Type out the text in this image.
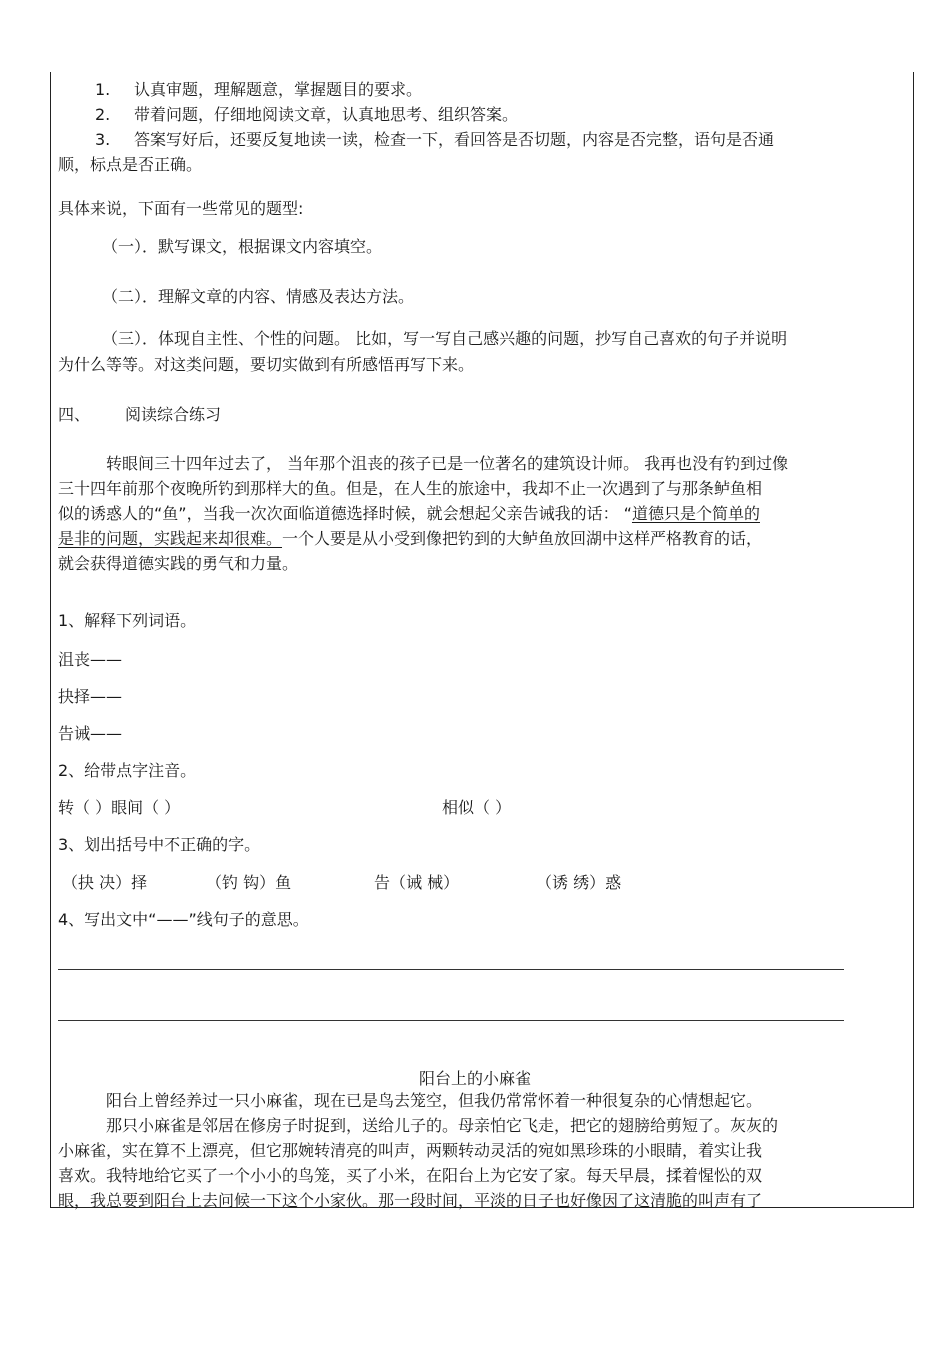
1. 认真审题，理解题意，掌握题目的要求。
2. 带着问题，仔细地阅读文章，认真地思考、组织答案。
3. 答案写好后，还要反复地读一读，检查一下，看回答是否切题，内容是否完整，语句是否通
顺，标点是否正确。
具体来说，下面有一些常见的题型:
（一）．默写课文，根据课文内容填空。
（二）．理解文章的内容、情感及表达方法。
（三）．体现自主性、个性的问题。 比如，写一写自己感兴趣的问题，抄写自己喜欢的句子并说明
为什么等等。对这类问题，要切实做到有所感悟再写下来。
四、 阅读综合练习
转眼间三十四年过去了， 当年那个沮丧的孩子已是一位著名的建筑设计师。 我再也没有钓到过像
三十四年前那个夜晚所钓到那样大的鱼。但是，在人生的旅途中，我却不止一次遇到了与那条鲈鱼相
似的诱惑人的“鱼”，当我一次次面临道德选择时候，就会想起父亲告诫我的话： “道德只是个简单的
是非的问题，实践起来却很难。一个人要是从小受到像把钓到的大鲈鱼放回湖中这样严格教育的话，
就会获得道德实践的勇气和力量。
1、解释下列词语。
沮丧——
抉择——
告诫——
2、给带点字注音。
转（ ）眼间（ ）	相似（ ）
3、划出括号中不正确的字。
（抉 决）择	（钓 钩）鱼	告（诫 械）	（诱 绣）惑
4、写出文中“——”线句子的意思。
阳台上的小麻雀
阳台上曾经养过一只小麻雀，现在已是鸟去笼空，但我仍常常怀着一种很复杂的心情想起它。
那只小麻雀是邻居在修房子时捉到，送给儿子的。母亲怕它飞走，把它的翅膀给剪短了。灰灰的
小麻雀，实在算不上漂亮，但它那婉转清亮的叫声，两颗转动灵活的宛如黑珍珠的小眼睛，着实让我
喜欢。我特地给它买了一个小小的鸟笼，买了小米，在阳台上为它安了家。每天早晨，揉着惺忪的双
眼，我总要到阳台上去问候一下这个小家伙。那一段时间，平淡的日子也好像因了这清脆的叫声有了
